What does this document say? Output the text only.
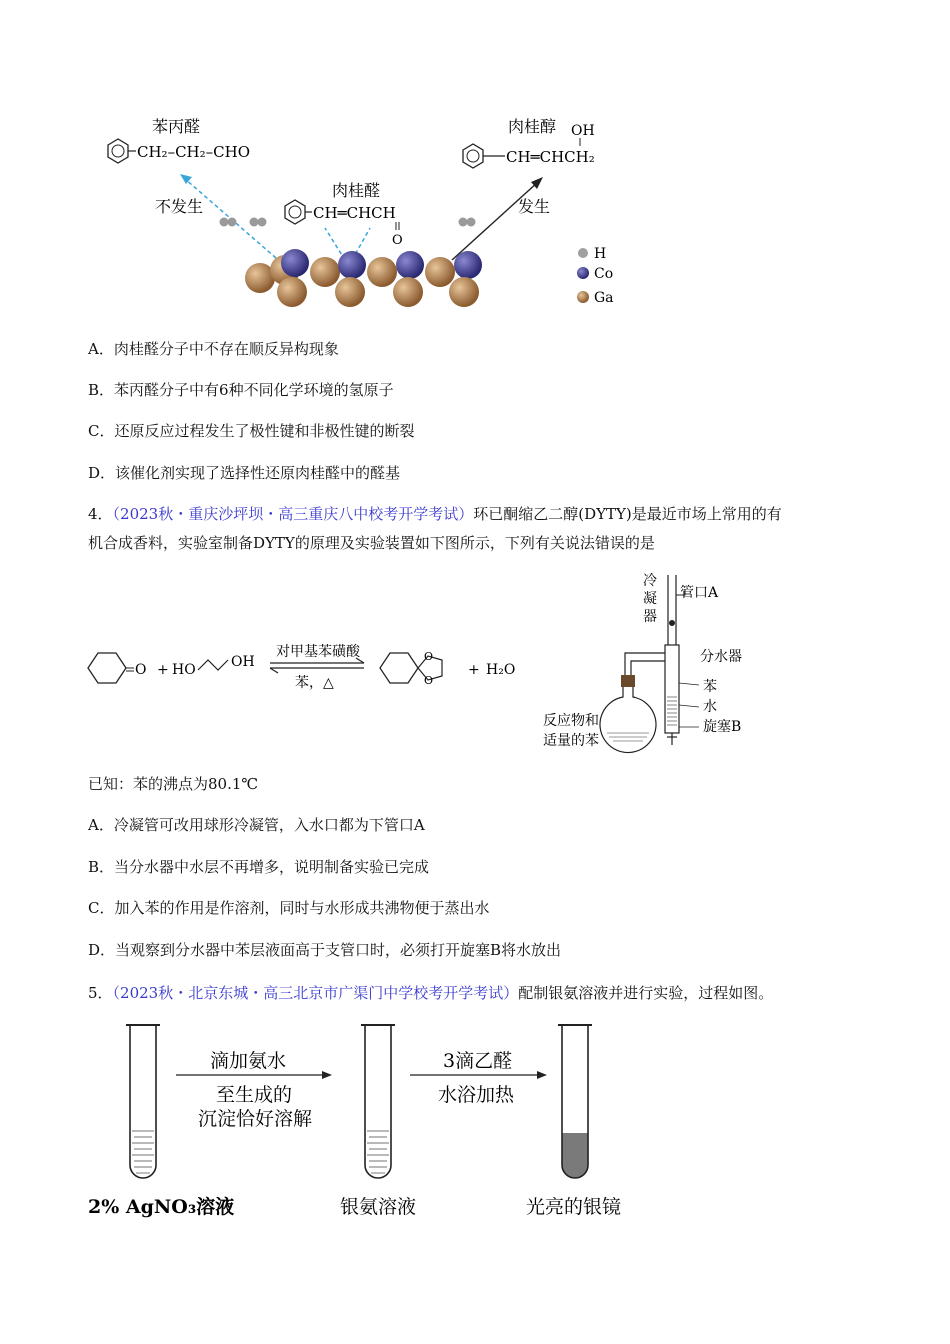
苯丙醛
CH₂–CH₂–CHO
肉桂醇 OH
CH═CHCH₂
肉桂醛
CH═CHCH
O
不发生	发生
H
Co
Ga
A．肉桂醛分子中不存在顺反异构现象
B．苯丙醛分子中有6种不同化学环境的氢原子
C．还原反应过程发生了极性键和非极性键的断裂
D．该催化剂实现了选择性还原肉桂醛中的醛基
4．（2023秋・重庆沙坪坝・高三重庆八中校考开学考试）环已酮缩乙二醇(DYTY)是最近市场上常用的有
机合成香料，实验室制备DYTY的原理及实验装置如下图所示，下列有关说法错误的是
O + HO	OH
对甲基苯磺酸
苯，△
O
O
+ H₂O
冷
凝
器
管口A
分水器
苯
水
旋塞B
反应物和
适量的苯
已知：苯的沸点为80.1℃
A．冷凝管可改用球形冷凝管，入水口都为下管口A
B．当分水器中水层不再增多，说明制备实验已完成
C．加入苯的作用是作溶剂，同时与水形成共沸物便于蒸出水
D．当观察到分水器中苯层液面高于支管口时，必须打开旋塞B将水放出
5．（2023秋・北京东城・高三北京市广渠门中学校考开学考试）配制银氨溶液并进行实验，过程如图。
滴加氨水
至生成的
沉淀恰好溶解
3滴乙醛
水浴加热
2% AgNO₃溶液	银氨溶液	光亮的银镜
